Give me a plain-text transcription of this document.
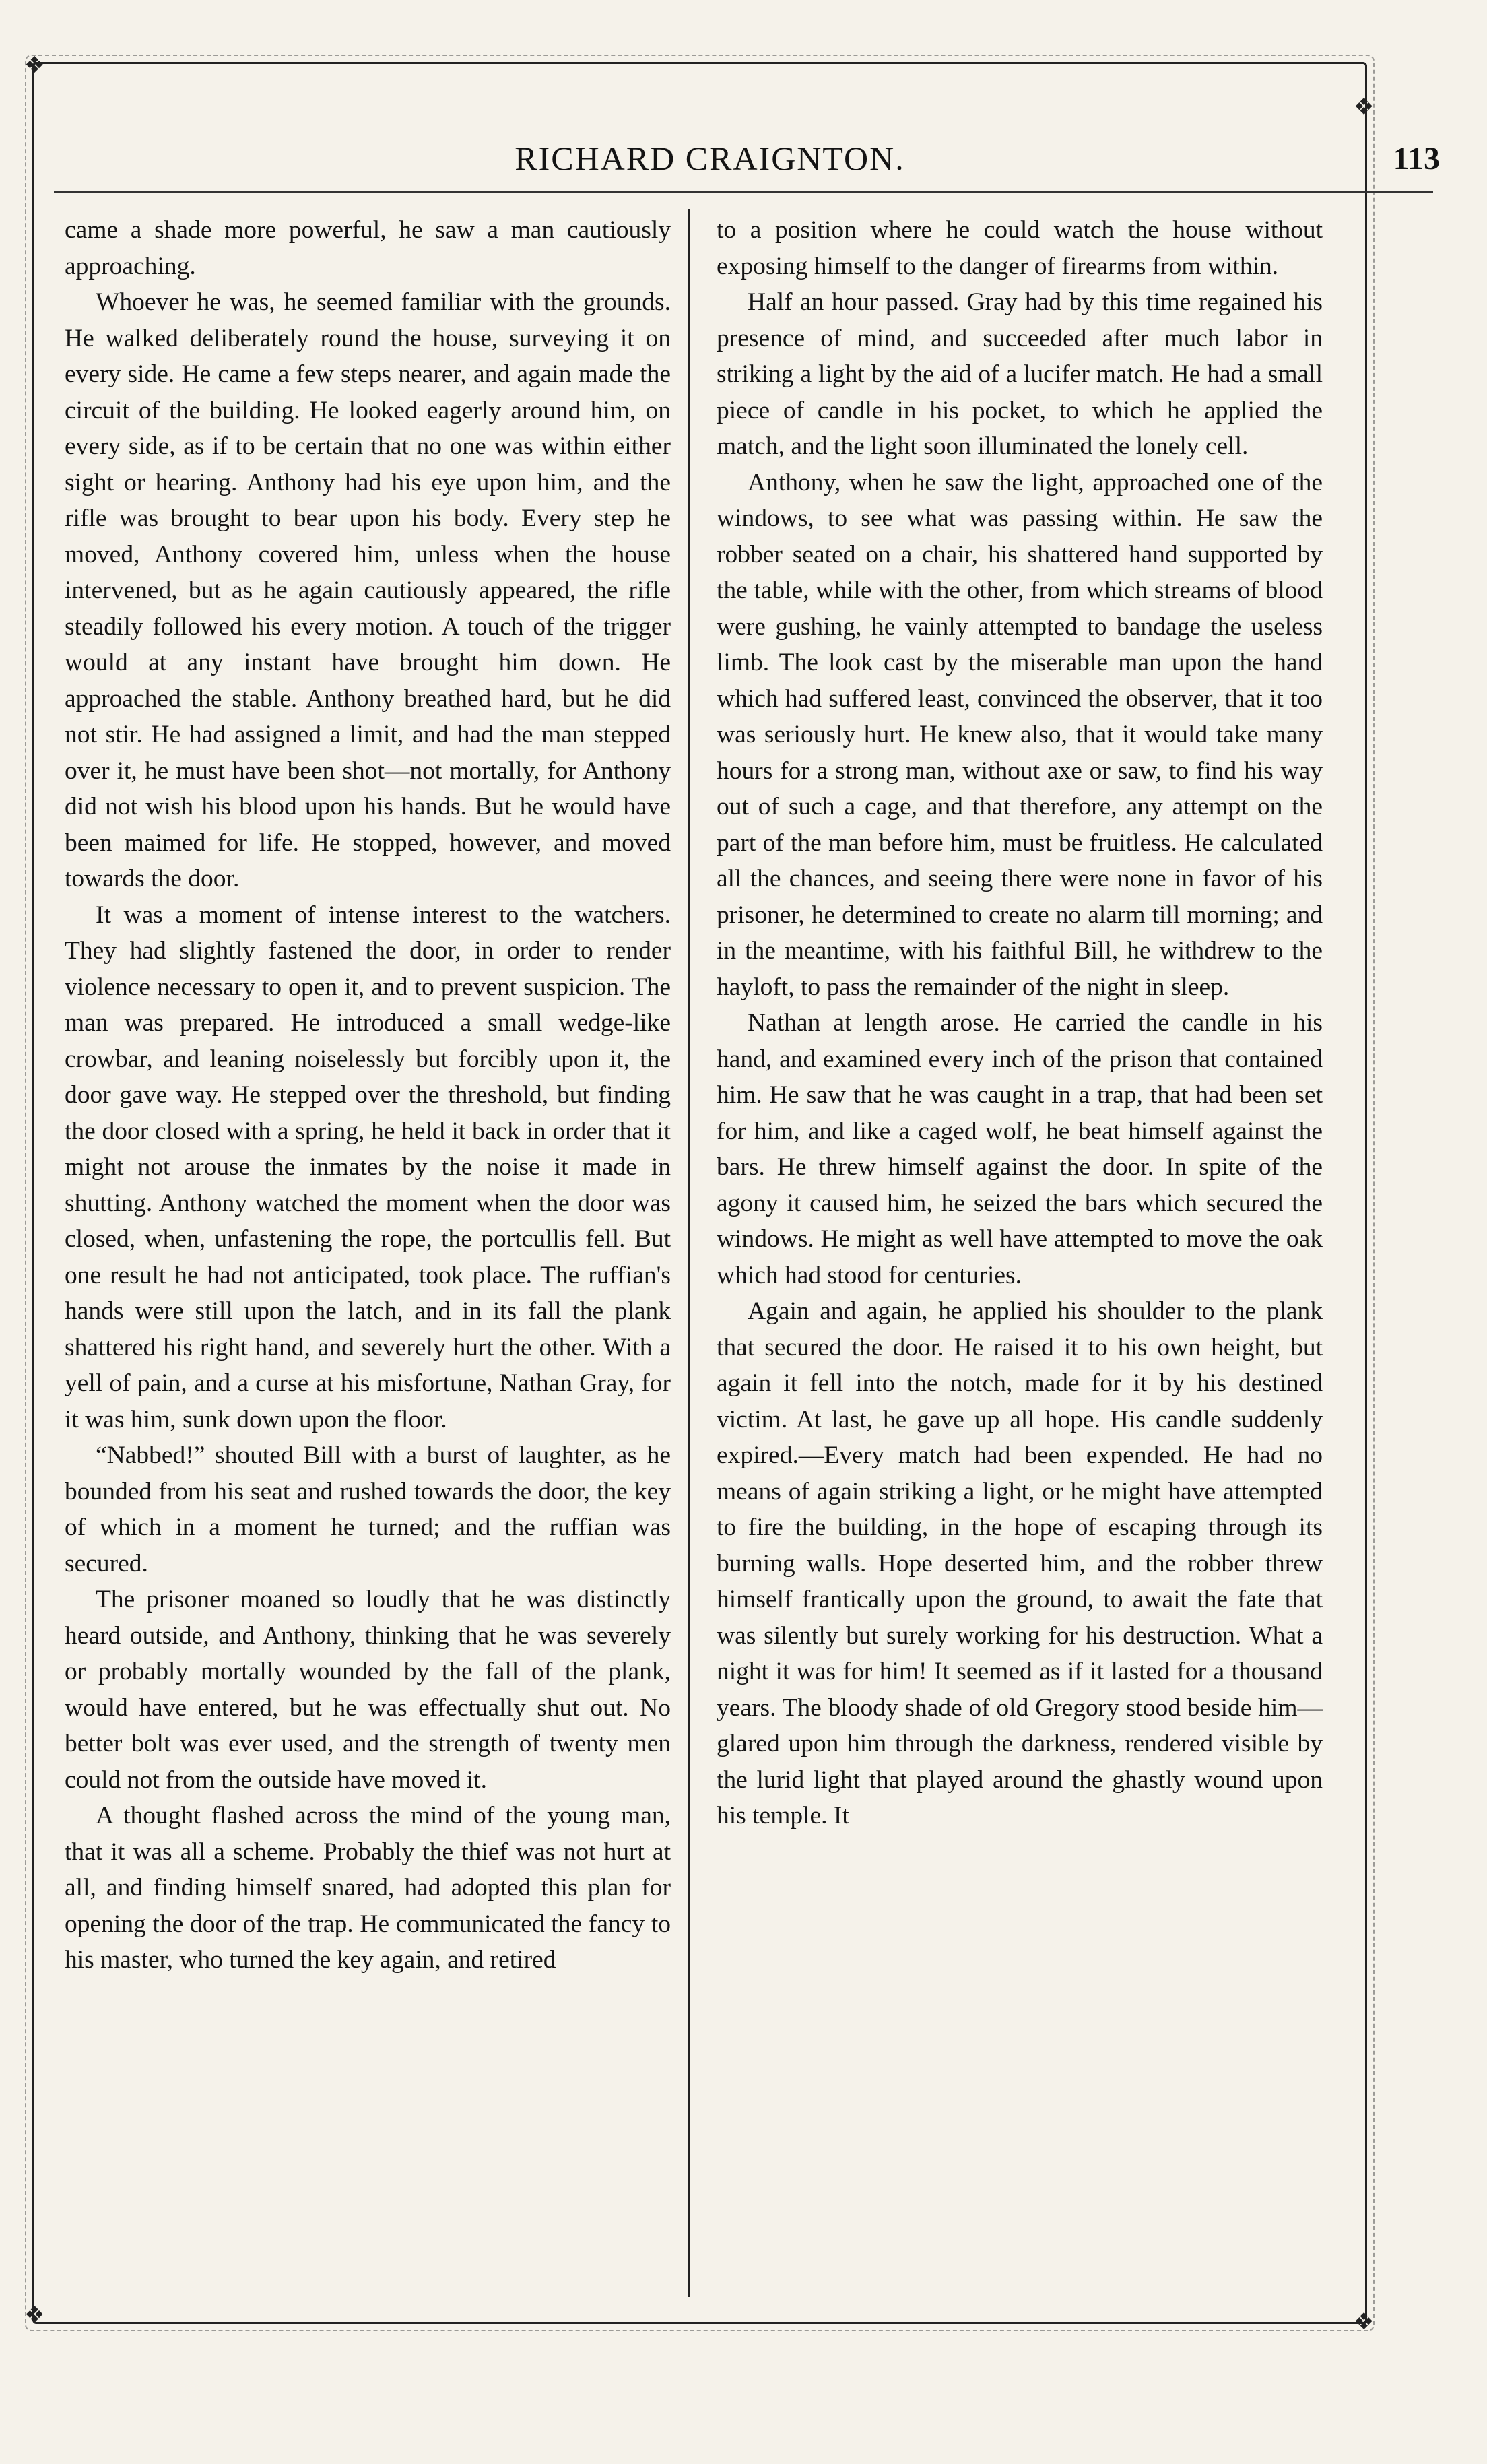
❖
❖
❖	❖
RICHARD CRAIGNTON.	113

came a shade more powerful, he saw a man cautiously approaching.

Whoever he was, he seemed familiar with the grounds. He walked deliberately round the house, surveying it on every side. He came a few steps nearer, and again made the circuit of the building. He looked eagerly around him, on every side, as if to be certain that no one was within either sight or hearing. Anthony had his eye upon him, and the rifle was brought to bear upon his body. Every step he moved, Anthony covered him, unless when the house intervened, but as he again cautiously appeared, the rifle steadily followed his every motion. A touch of the trigger would at any instant have brought him down. He approached the stable. Anthony breathed hard, but he did not stir. He had assigned a limit, and had the man stepped over it, he must have been shot—not mortally, for Anthony did not wish his blood upon his hands. But he would have been maimed for life. He stopped, however, and moved towards the door.

It was a moment of intense interest to the watchers. They had slightly fastened the door, in order to render violence necessary to open it, and to prevent suspicion. The man was prepared. He introduced a small wedge-like crowbar, and leaning noiselessly but forcibly upon it, the door gave way. He stepped over the threshold, but finding the door closed with a spring, he held it back in order that it might not arouse the inmates by the noise it made in shutting. Anthony watched the moment when the door was closed, when, unfastening the rope, the portcullis fell. But one result he had not anticipated, took place. The ruffian's hands were still upon the latch, and in its fall the plank shattered his right hand, and severely hurt the other. With a yell of pain, and a curse at his misfortune, Nathan Gray, for it was him, sunk down upon the floor.

“Nabbed!” shouted Bill with a burst of laughter, as he bounded from his seat and rushed towards the door, the key of which in a moment he turned; and the ruffian was secured.

The prisoner moaned so loudly that he was distinctly heard outside, and Anthony, thinking that he was severely or probably mortally wounded by the fall of the plank, would have entered, but he was effectually shut out. No better bolt was ever used, and the strength of twenty men could not from the outside have moved it.

A thought flashed across the mind of the young man, that it was all a scheme. Probably the thief was not hurt at all, and finding himself snared, had adopted this plan for opening the door of the trap. He communicated the fancy to his master, who turned the key again, and retired

to a position where he could watch the house without exposing himself to the danger of firearms from within.

Half an hour passed. Gray had by this time regained his presence of mind, and succeeded after much labor in striking a light by the aid of a lucifer match. He had a small piece of candle in his pocket, to which he applied the match, and the light soon illuminated the lonely cell.

Anthony, when he saw the light, approached one of the windows, to see what was passing within. He saw the robber seated on a chair, his shattered hand supported by the table, while with the other, from which streams of blood were gushing, he vainly attempted to bandage the useless limb. The look cast by the miserable man upon the hand which had suffered least, convinced the observer, that it too was seriously hurt. He knew also, that it would take many hours for a strong man, without axe or saw, to find his way out of such a cage, and that therefore, any attempt on the part of the man before him, must be fruitless. He calculated all the chances, and seeing there were none in favor of his prisoner, he determined to create no alarm till morning; and in the meantime, with his faithful Bill, he withdrew to the hayloft, to pass the remainder of the night in sleep.

Nathan at length arose. He carried the candle in his hand, and examined every inch of the prison that contained him. He saw that he was caught in a trap, that had been set for him, and like a caged wolf, he beat himself against the bars. He threw himself against the door. In spite of the agony it caused him, he seized the bars which secured the windows. He might as well have attempted to move the oak which had stood for centuries.

Again and again, he applied his shoulder to the plank that secured the door. He raised it to his own height, but again it fell into the notch, made for it by his destined victim. At last, he gave up all hope. His candle suddenly expired.—Every match had been expended. He had no means of again striking a light, or he might have attempted to fire the building, in the hope of escaping through its burning walls. Hope deserted him, and the robber threw himself frantically upon the ground, to await the fate that was silently but surely working for his destruction. What a night it was for him! It seemed as if it lasted for a thousand years. The bloody shade of old Gregory stood beside him—glared upon him through the darkness, rendered visible by the lurid light that played around the ghastly wound upon his temple. It
